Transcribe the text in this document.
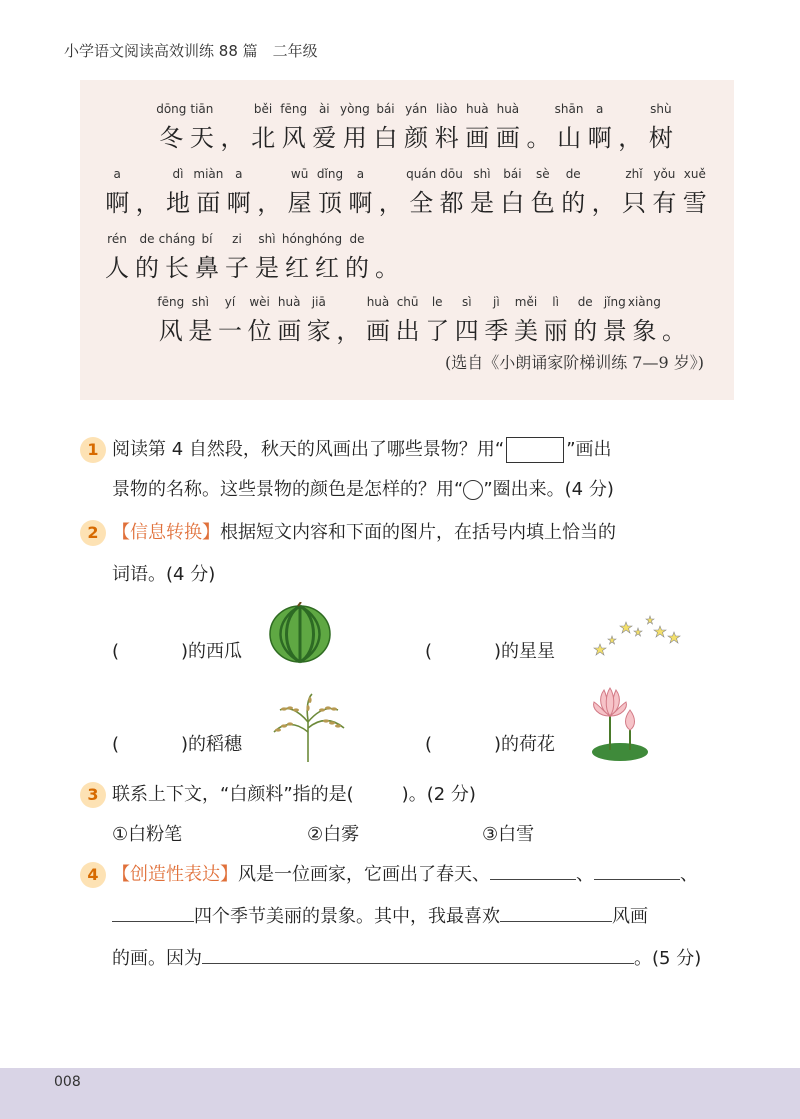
小学语文阅读高效训练 88 篇　二年级
dōng
冬
tiān
天 ，
běi
北
fēng
风
ài
爱
yòng
用
bái
白
yán
颜
liào
料
huà
画
huà
画 。
shān
山
a
啊 ，
shù
树
a
啊 ，
dì
地
miàn
面
a
啊 ，
wū
屋
dǐng
顶
a
啊 ，
quán
全
dōu
都
shì
是
bái
白
sè
色
de
的 ，
zhǐ
只
yǒu
有
xuě
雪
rén
人
de
的
cháng
长
bí
鼻
zi
子
shì
是
hóng
红
hóng
红
de
的 。
fēng
风
shì
是
yí
一
wèi
位
huà
画
jiā
家 ，
huà
画
chū
出
le
了
sì
四
jì
季
měi
美
lì
丽
de
的
jǐng
景
xiàng
象 。
(选自《小朗诵家阶梯训练 7—9 岁》)
1 阅读第 4 自然段，秋天的风画出了哪些景物？用“	”画出
景物的名称。这些景物的颜色是怎样的？用“○”圈出来。(4 分)
2 【信息转换】根据短文内容和下面的图片，在括号内填上恰当的
词语。(4 分)
(	)的西瓜	(	)的星星
(	)的稻穗	(	)的荷花
3 联系上下文，“白颜料”指的是(	)。(2 分)
①白粉笔	②白雾	③白雪
4 【创造性表达】风是一位画家，它画出了春天、	、	、
四个季节美丽的景象。其中，我最喜欢	风画
的画。因为	。(5 分)
008
